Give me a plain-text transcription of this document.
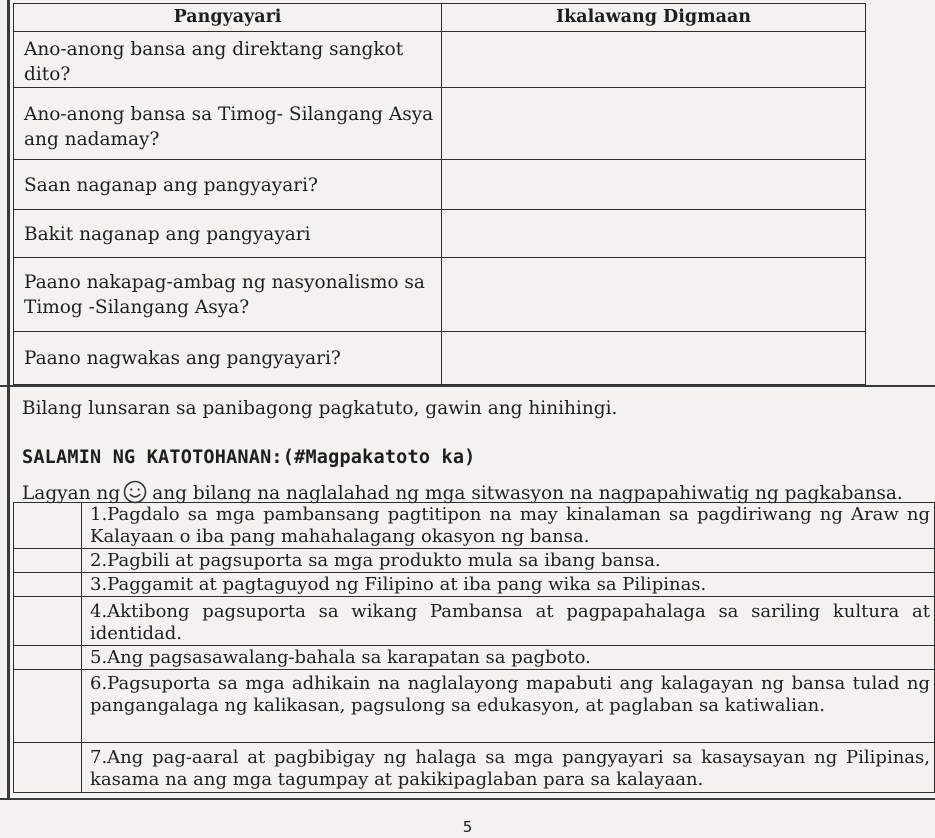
Pangyayari	Ikalawang Digmaan
Ano-anong bansa ang direktang sangkot dito?	
Ano-anong bansa sa Timog- Silangang Asya ang nadamay?	
Saan naganap ang pangyayari?	
Bakit naganap ang pangyayari	
Paano nakapag-ambag ng nasyonalismo sa Timog -Silangang Asya?	
Paano nagwakas ang pangyayari?	
Bilang lunsaran sa panibagong pagkatuto, gawin ang hinihingi.
SALAMIN NG KATOTOHANAN:(#Magpakatoto ka)
Lagyan ng ang bilang na naglalahad ng mga sitwasyon na nagpapahiwatig ng pagkabansa.
	1.Pagdalo sa mga pambansang pagtitipon na may kinalaman sa pagdiriwang ng Araw ng Kalayaan o iba pang mahahalagang okasyon ng bansa.
	2.Pagbili at pagsuporta sa mga produkto mula sa ibang bansa.
	3.Paggamit at pagtaguyod ng Filipino at iba pang wika sa Pilipinas.
	4.Aktibong pagsuporta sa wikang Pambansa at pagpapahalaga sa sariling kultura at identidad.
	5.Ang pagsasawalang-bahala sa karapatan sa pagboto.
	6.Pagsuporta sa mga adhikain na naglalayong mapabuti ang kalagayan ng bansa tulad ng pangangalaga ng kalikasan, pagsulong sa edukasyon, at paglaban sa katiwalian.
	7.Ang pag-aaral at pagbibigay ng halaga sa mga pangyayari sa kasaysayan ng Pilipinas, kasama na ang mga tagumpay at pakikipaglaban para sa kalayaan.
5
